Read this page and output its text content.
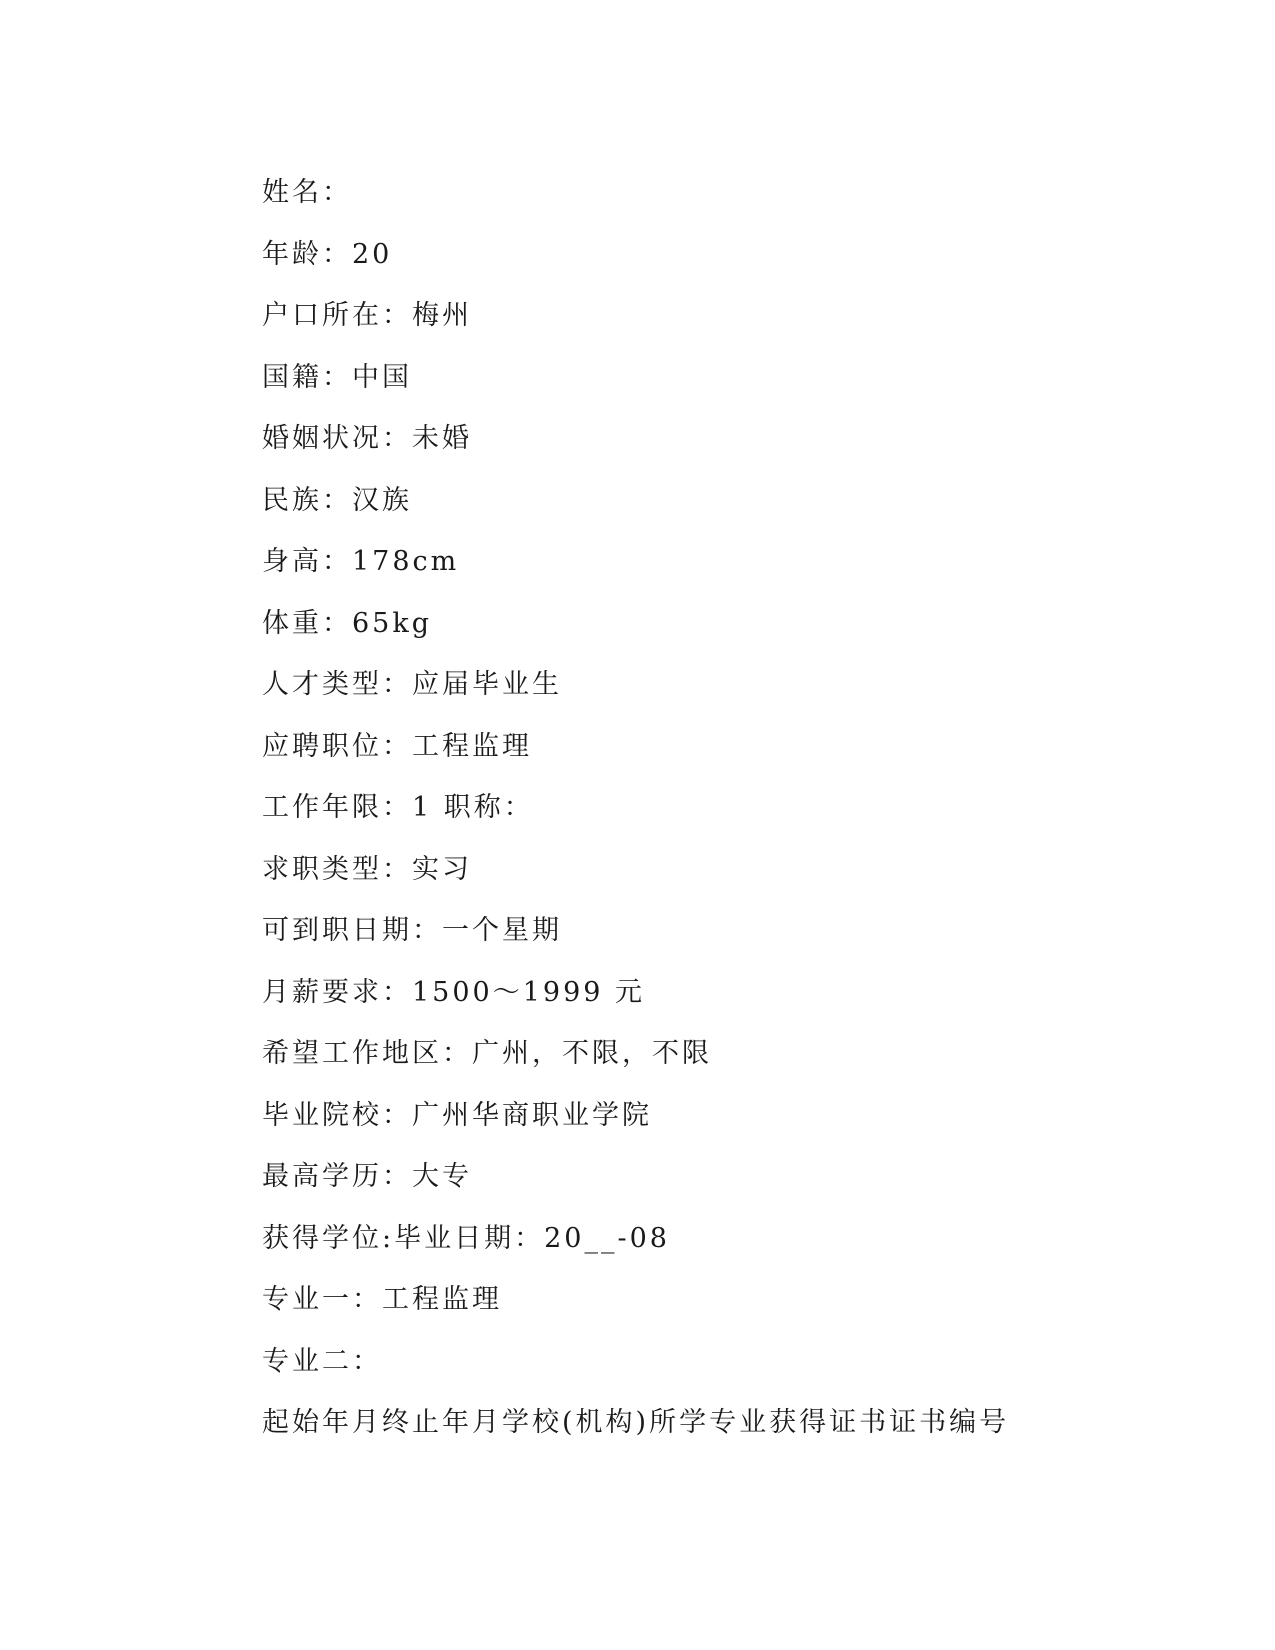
姓名：
年龄：20
户口所在：梅州
国籍：中国
婚姻状况：未婚
民族：汉族
身高：178cm
体重：65kg
人才类型：应届毕业生
应聘职位：工程监理
工作年限：1 职称：
求职类型：实习
可到职日期：一个星期
月薪要求：1500～1999 元
希望工作地区：广州，不限，不限
毕业院校：广州华商职业学院
最高学历：大专
获得学位:毕业日期：20__-08
专业一：工程监理
专业二：
起始年月终止年月学校(机构)所学专业获得证书证书编号
